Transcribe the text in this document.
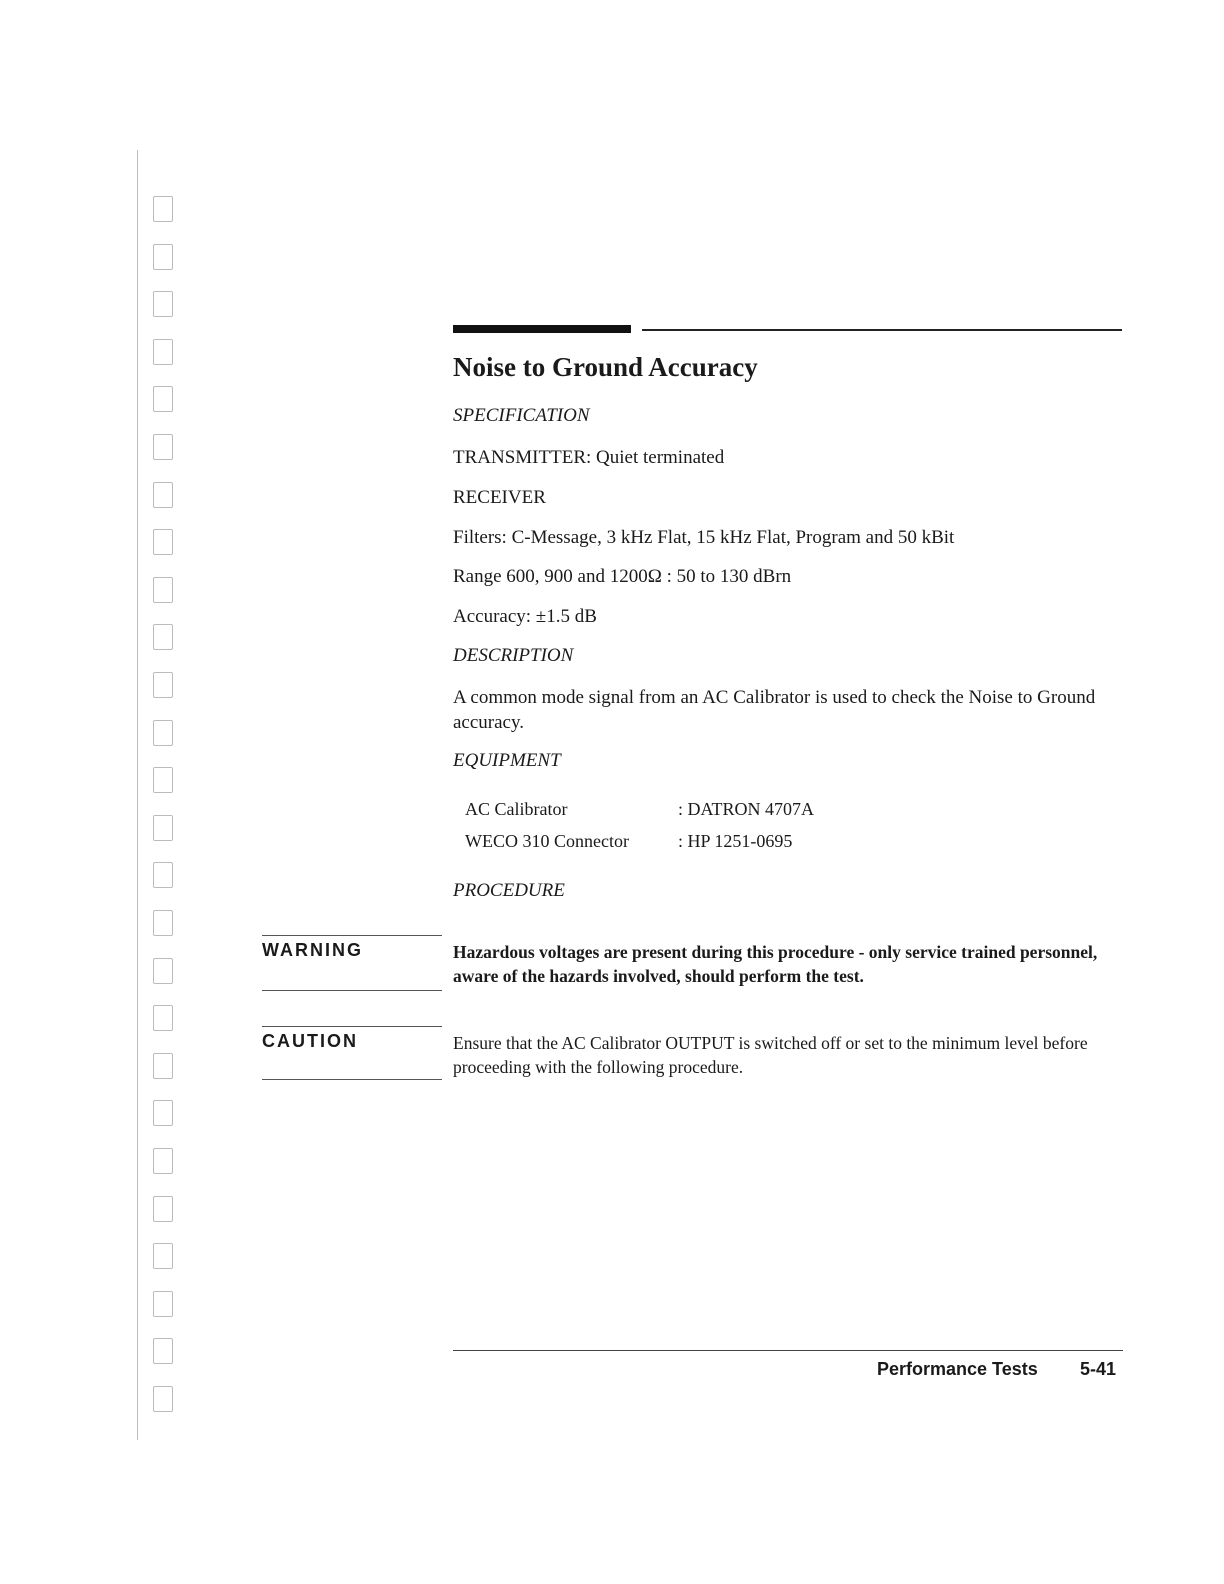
Noise to Ground Accuracy
SPECIFICATION
TRANSMITTER: Quiet terminated
RECEIVER
Filters: C-Message, 3 kHz Flat, 15 kHz Flat, Program and 50 kBit
Range 600, 900 and 1200Ω : 50 to 130 dBrn
Accuracy: ±1.5 dB
DESCRIPTION
A common mode signal from an AC Calibrator is used to check the Noise to Ground accuracy.
EQUIPMENT
AC Calibrator	: DATRON 4707A
WECO 310 Connector	: HP 1251-0695
PROCEDURE
WARNING	Hazardous voltages are present during this procedure - only service trained personnel, aware of the hazards involved, should perform the test.
CAUTION	Ensure that the AC Calibrator OUTPUT is switched off or set to the minimum level before proceeding with the following procedure.
Performance Tests 5-41
